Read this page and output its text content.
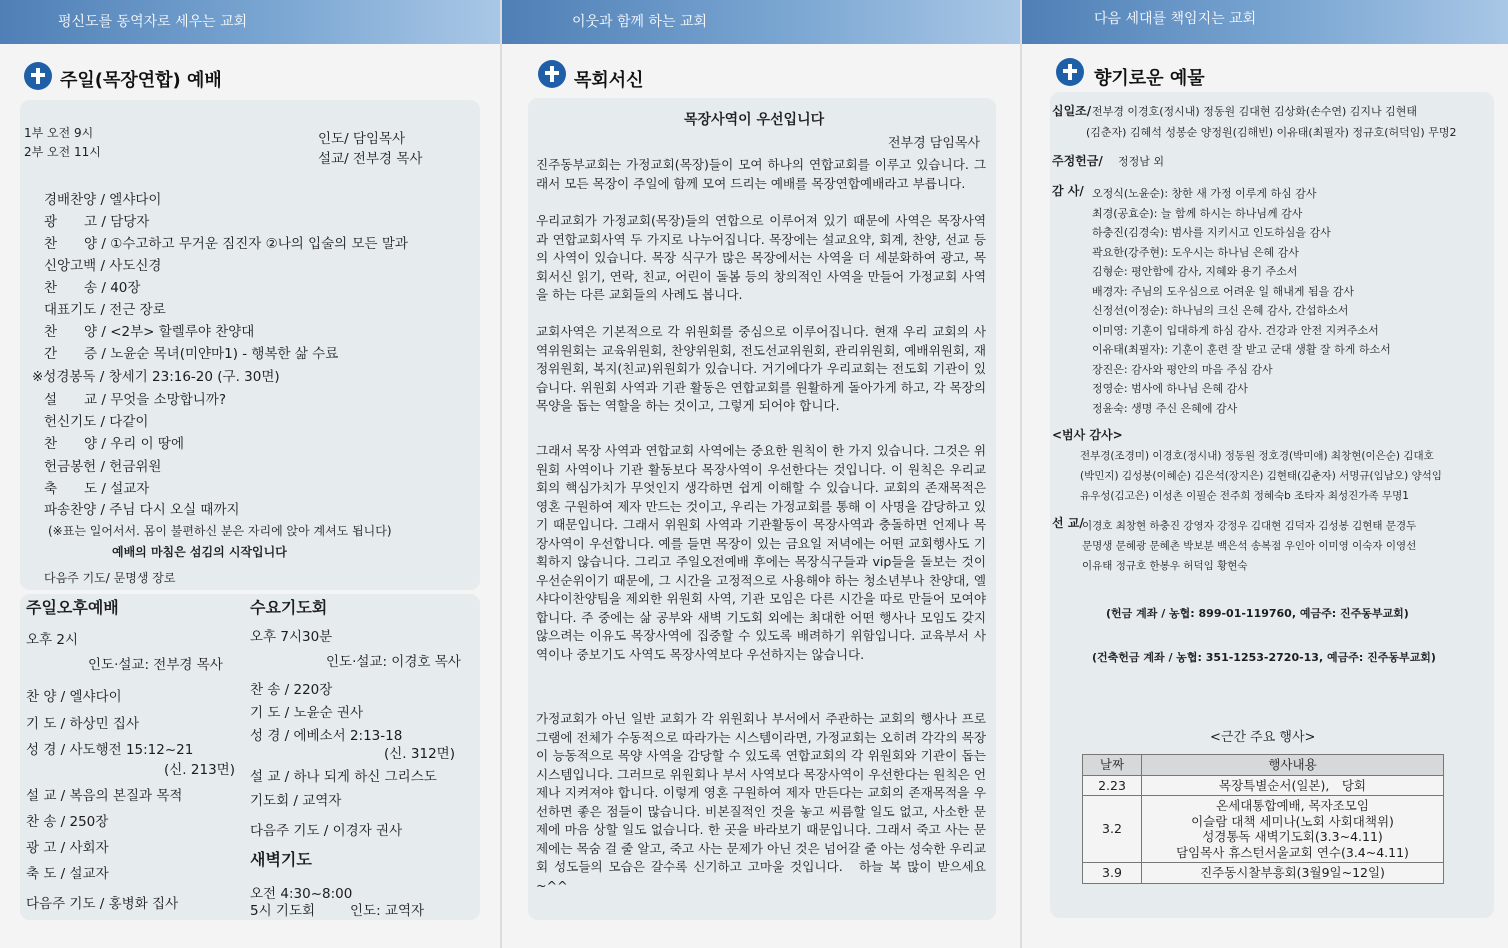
평신도를 동역자로 세우는 교회
주일(목장연합) 예배
1부 오전 9시
2부 오전 11시
인도/ 담임목사
설교/ 전부경 목사
경배찬양 / 엘샤다이
광　　고 / 담당자
찬　　양 / ①수고하고 무거운 짐진자 ②나의 입술의 모든 말과
신앙고백 / 사도신경
찬　　송 / 40장
대표기도 / 전근 장로
찬　　양 / <2부> 할렐루야 찬양대
간　　증 / 노윤순 목녀(미얀마1) - 행복한 삶 수료
※성경봉독 / 창세기 23:16-20 (구. 30면)
설　　교 / 무엇을 소망합니까?
헌신기도 / 다같이
찬　　양 / 우리 이 땅에
헌금봉헌 / 헌금위원
축　　도 / 설교자
파송찬양 / 주님 다시 오실 때까지
(※표는 일어서서. 몸이 불편하신 분은 자리에 앉아 계셔도 됩니다)
예배의 마침은 섬김의 시작입니다
다음주 기도/ 문명생 장로
주일오후예배
오후 2시
인도·설교: 전부경 목사
찬 양 / 엘샤다이
기 도 / 하상민 집사
성 경 / 사도행전 15:12~21
(신. 213면)
설 교 / 복음의 본질과 목적
찬 송 / 250장
광 고 / 사회자
축 도 / 설교자
다음주 기도 / 홍병화 집사
수요기도회
오후 7시30분
인도·설교: 이경호 목사
찬 송 / 220장
기 도 / 노윤순 권사
성 경 / 에베소서 2:13-18
(신. 312면)
설 교 / 하나 되게 하신 그리스도
기도회 / 교역자
다음주 기도 / 이경자 권사
새벽기도
오전 4:30~8:00
5시 기도회	인도: 교역자
이웃과 함께 하는 교회
목회서신
목장사역이 우선입니다
전부경 담임목사

진주동부교회는 가정교회(목장)들이 모여 하나의 연합교회를 이루고 있습니다. 그래서 모든 목장이 주일에 함께 모여 드리는 예배를 목장연합예배라고 부릅니다.

우리교회가 가정교회(목장)들의 연합으로 이루어져 있기 때문에 사역은 목장사역과 연합교회사역 두 가지로 나누어집니다. 목장에는 설교요약, 회계, 찬양, 선교 등의 사역이 있습니다. 목장 식구가 많은 목장에서는 사역을 더 세분화하여 광고, 목회서신 읽기, 연락, 친교, 어린이 돌봄 등의 창의적인 사역을 만들어 가정교회 사역을 하는 다른 교회들의 사례도 봅니다.

교회사역은 기본적으로 각 위원회를 중심으로 이루어집니다. 현재 우리 교회의 사역위원회는 교육위원회, 찬양위원회, 전도선교위원회, 관리위원회, 예배위원회, 재정위원회, 복지(친교)위원회가 있습니다. 거기에다가 우리교회는 전도회 기관이 있습니다. 위원회 사역과 기관 활동은 연합교회를 원활하게 돌아가게 하고, 각 목장의 목양을 돕는 역할을 하는 것이고, 그렇게 되어야 합니다.

그래서 목장 사역과 연합교회 사역에는 중요한 원칙이 한 가지 있습니다. 그것은 위원회 사역이나 기관 활동보다 목장사역이 우선한다는 것입니다. 이 원칙은 우리교회의 핵심가치가 무엇인지 생각하면 쉽게 이해할 수 있습니다. 교회의 존재목적은 영혼 구원하여 제자 만드는 것이고, 우리는 가정교회를 통해 이 사명을 감당하고 있기 때문입니다. 그래서 위원회 사역과 기관활동이 목장사역과 충돌하면 언제나 목장사역이 우선합니다. 예를 들면 목장이 있는 금요일 저녁에는 어떤 교회행사도 기획하지 않습니다. 그리고 주일오전예배 후에는 목장식구들과 vip들을 돌보는 것이 우선순위이기 때문에, 그 시간을 고정적으로 사용해야 하는 청소년부나 찬양대, 엘샤다이찬양팀을 제외한 위원회 사역, 기관 모임은 다른 시간을 따로 만들어 모여야 합니다. 주 중에는 삶 공부와 새벽 기도회 외에는 최대한 어떤 행사나 모임도 갖지 않으려는 이유도 목장사역에 집중할 수 있도록 배려하기 위함입니다. 교육부서 사역이나 중보기도 사역도 목장사역보다 우선하지는 않습니다.

가정교회가 아닌 일반 교회가 각 위원회나 부서에서 주관하는 교회의 행사나 프로그램에 전체가 수동적으로 따라가는 시스템이라면, 가정교회는 오히려 각각의 목장이 능동적으로 목양 사역을 감당할 수 있도록 연합교회의 각 위원회와 기관이 돕는 시스템입니다. 그러므로 위원회나 부서 사역보다 목장사역이 우선한다는 원칙은 언제나 지켜져야 합니다. 이렇게 영혼 구원하여 제자 만든다는 교회의 존재목적을 우선하면 좋은 점들이 많습니다. 비본질적인 것을 놓고 씨름할 일도 없고, 사소한 문제에 마음 상할 일도 없습니다. 한 곳을 바라보기 때문입니다. 그래서 죽고 사는 문제에는 목숨 걸 줄 알고, 죽고 사는 문제가 아닌 것은 넘어갈 줄 아는 성숙한 우리교회 성도들의 모습은 갈수록 신기하고 고마울 것입니다.　하늘 복 많이 받으세요~^^

다음 세대를 책임지는 교회
향기로운 예물
십일조/ 전부경 이경호(정시내) 정동원 김대현 김상화(손수연) 김지나 김현태
(김춘자) 김혜석 성봉순 양정원(김해빈) 이유태(최필자) 정규호(허덕임) 무명2
주정헌금/ 정정남 외
감 사/ 오정식(노윤순): 창한 새 가정 이루게 하심 감사
최경(공효순): 늘 함께 하시는 하나님께 감사
하충진(김경숙): 범사를 지키시고 인도하심을 감사
곽요한(강주현): 도우시는 하나님 은혜 감사
김형순: 평안함에 감사, 지혜와 용기 주소서
배경자: 주님의 도우심으로 어려운 일 해내게 됨을 감사
신정선(이정순): 하나님의 크신 은혜 감사, 간섭하소서
이미영: 기훈이 입대하게 하심 감사. 건강과 안전 지켜주소서
이유태(최필자): 기훈이 훈련 잘 받고 군대 생활 잘 하게 하소서
장진은: 감사와 평안의 마음 주심 감사
정영순: 범사에 하나님 은혜 감사
정윤숙: 생명 주신 은혜에 감사
<범사 감사>
전부경(조경미) 이경호(정시내) 정동원 정호경(박미애) 최창현(이은순) 김대호
(박민지) 김성봉(이혜순) 김은석(장지은) 김현태(김춘자) 서명규(임남오) 양석임
유우성(김고은) 이성촌 이필순 전주희 정혜숙b 조타자 최성진가족 무명1
선 교/
이경호 최창현 하충진 강영자 강정우 김대현 김덕자 김성봉 김현태 문경두
문명생 문혜광 문혜촌 박보분 백은석 송복점 우인아 이미영 이숙자 이영선
이유태 정규호 한봉우 허덕임 황현숙
(헌금 계좌 / 농협: 899-01-119760, 예금주: 진주동부교회)
(건축헌금 계좌 / 농협: 351-1253-2720-13, 예금주: 진주동부교회)
<근간 주요 행사>
날짜	행사내용
2.23	목장특별순서(일본),　당회
3.2	온세대통합예배, 목자조모임
이슬람 대책 세미나(노회 사회대책위)
성경통독 새벽기도회(3.3~4.11)
담임목사 휴스턴서울교회 연수(3.4~4.11)

3.9	진주동시찰부흥회(3월9일~12일)
